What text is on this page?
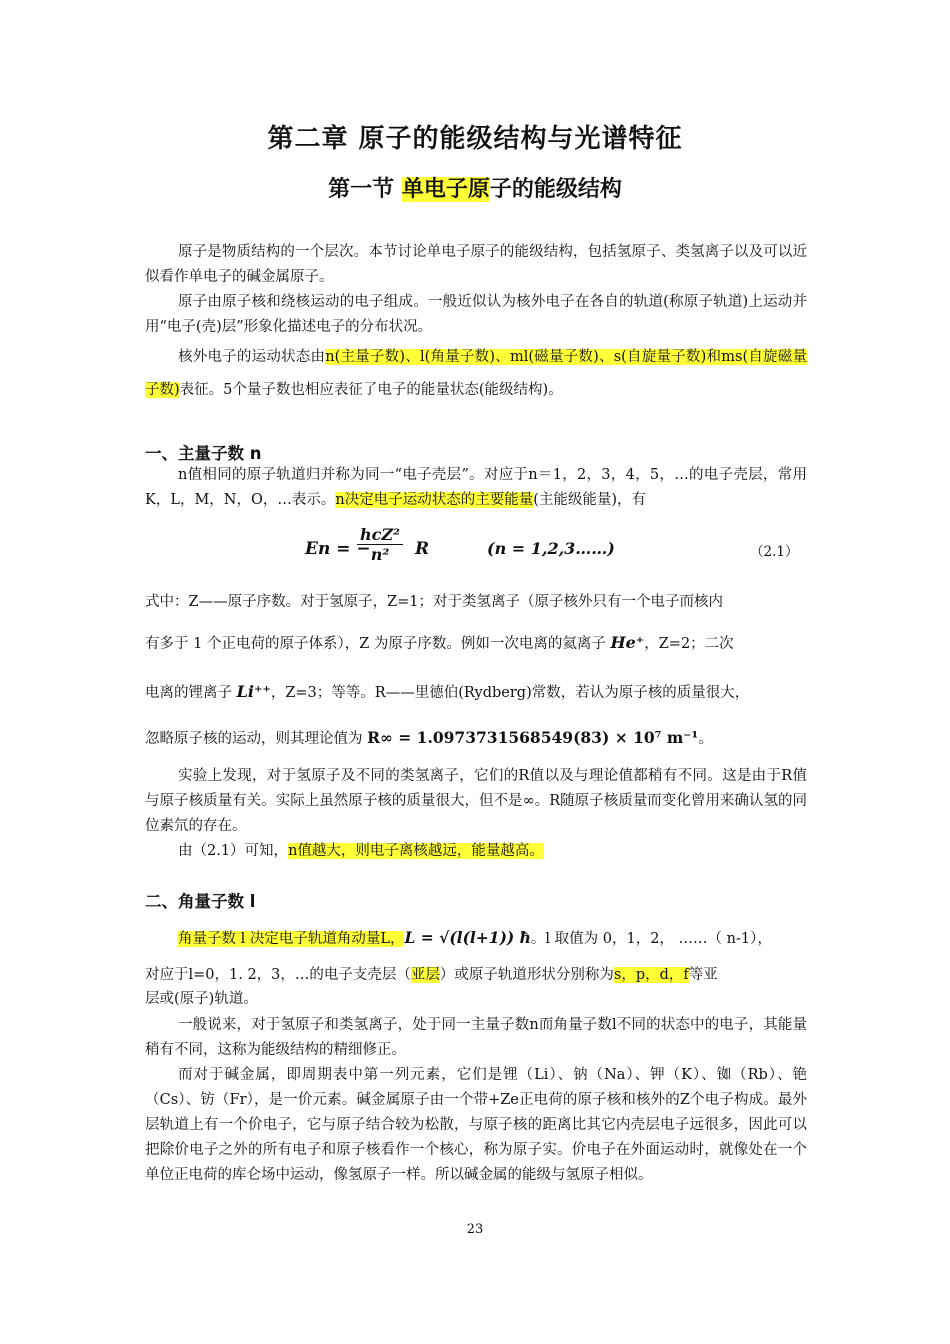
第二章 原子的能级结构与光谱特征
第一节 单电子原子的能级结构

原子是物质结构的一个层次。本节讨论单电子原子的能级结构，包括氢原子、类氢离子以及可以近似看作单电子的碱金属原子。

原子由原子核和绕核运动的电子组成。一般近似认为核外电子在各自的轨道(称原子轨道)上运动并用“电子(壳)层”形象化描述电子的分布状况。

核外电子的运动状态由n(主量子数)、l(角量子数)、ml(磁量子数)、s(自旋量子数)和ms(自旋磁量子数)表征。5个量子数也相应表征了电子的能量状态(能级结构)。

一、主量子数 n

n值相同的原子轨道归并称为同一“电子壳层”。对应于n＝1，2，3，4，5，…的电子壳层，常用K，L，M，N，O，…表示。n决定电子运动状态的主要能量(主能级能量)，有

En = −
hcZ²
n²	R	(n = 1,2,3……)	（2.1）
式中：Z——原子序数。对于氢原子，Z=1；对于类氢离子（原子核外只有一个电子而核内
有多于 1 个正电荷的原子体系），Z 为原子序数。例如一次电离的氦离子 He⁺，Z=2；二次
电离的锂离子 Li⁺⁺，Z=3；等等。R——里德伯(Rydberg)常数，若认为原子核的质量很大，
忽略原子核的运动，则其理论值为 R∞ = 1.0973731568549(83) × 10⁷ m⁻¹。

实验上发现，对于氢原子及不同的类氢离子，它们的R值以及与理论值都稍有不同。这是由于R值与原子核质量有关。实际上虽然原子核的质量很大，但不是∞。R随原子核质量而变化曾用来确认氢的同位素氘的存在。

由（2.1）可知，n值越大，则电子离核越远，能量越高。

二、角量子数 l
角量子数 l 决定电子轨道角动量L，L = √(l(l+1)) ħ。l 取值为 0，1，2， ……（ n-1），
对应于l=0，1. 2，3，…的电子支壳层（亚层）或原子轨道形状分别称为s，p，d，f等亚
层或(原子)轨道。

一般说来，对于氢原子和类氢离子，处于同一主量子数n而角量子数l不同的状态中的电子，其能量稍有不同，这称为能级结构的精细修正。

而对于碱金属，即周期表中第一列元素，它们是锂（Li）、钠（Na）、钾（K）、铷（Rb）、铯（Cs）、钫（Fr），是一价元素。碱金属原子由一个带+Ze正电荷的原子核和核外的Z个电子构成。最外层轨道上有一个价电子，它与原子结合较为松散，与原子核的距离比其它内壳层电子远很多，因此可以把除价电子之外的所有电子和原子核看作一个核心，称为原子实。价电子在外面运动时，就像处在一个单位正电荷的库仑场中运动，像氢原子一样。所以碱金属的能级与氢原子相似。

23
